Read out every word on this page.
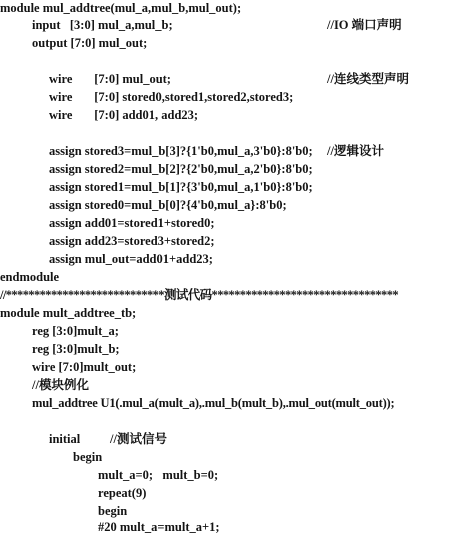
module mul_addtree(mul_a,mul_b,mul_out);
input   [3:0] mul_a,mul_b;	//IO 端口声明
output [7:0] mul_out;
wire       [7:0] mul_out;	//连线类型声明
wire       [7:0] stored0,stored1,stored2,stored3;
wire       [7:0] add01, add23;
assign stored3=mul_b[3]?{1'b0,mul_a,3'b0}:8'b0; //逻辑设计
assign stored2=mul_b[2]?{2'b0,mul_a,2'b0}:8'b0;
assign stored1=mul_b[1]?{3'b0,mul_a,1'b0}:8'b0;
assign stored0=mul_b[0]?{4'b0,mul_a}:8'b0;
assign add01=stored1+stored0;
assign add23=stored3+stored2;
assign mul_out=add01+add23;
endmodule
//****************************测试代码*********************************
module mult_addtree_tb;
reg [3:0]mult_a;
reg [3:0]mult_b;
wire [7:0]mult_out;
//模块例化
mul_addtree U1(.mul_a(mult_a),.mul_b(mult_b),.mul_out(mult_out));
initial //测试信号
begin
mult_a=0;   mult_b=0;
repeat(9)
begin
#20 mult_a=mult_a+1;
